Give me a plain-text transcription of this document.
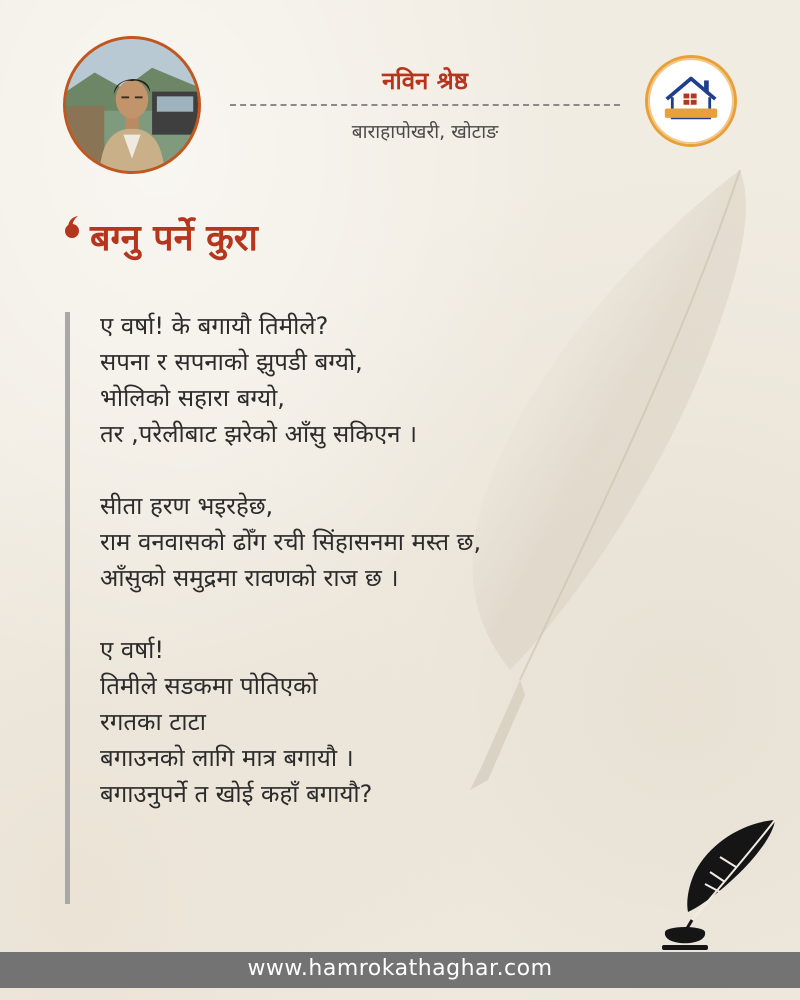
नविन श्रेष्ठ
बाराहापोखरी, खोटाङ
बग्नु पर्ने कुरा
ए वर्षा! के बगायौ तिमीले?
सपना र सपनाको झुपडी बग्यो,
भोलिको सहारा बग्यो,
तर ,परेलीबाट झरेको आँसु सकिएन ।
सीता हरण भइरहेछ,
राम वनवासको ढोँग रची सिंहासनमा मस्त छ,
आँसुको समुद्रमा रावणको राज छ ।
ए वर्षा!
तिमीले सडकमा पोतिएको
रगतका टाटा
बगाउनको लागि मात्र बगायौ ।
बगाउनुपर्ने त खोई कहाँ बगायौ?
www.hamrokathaghar.com
